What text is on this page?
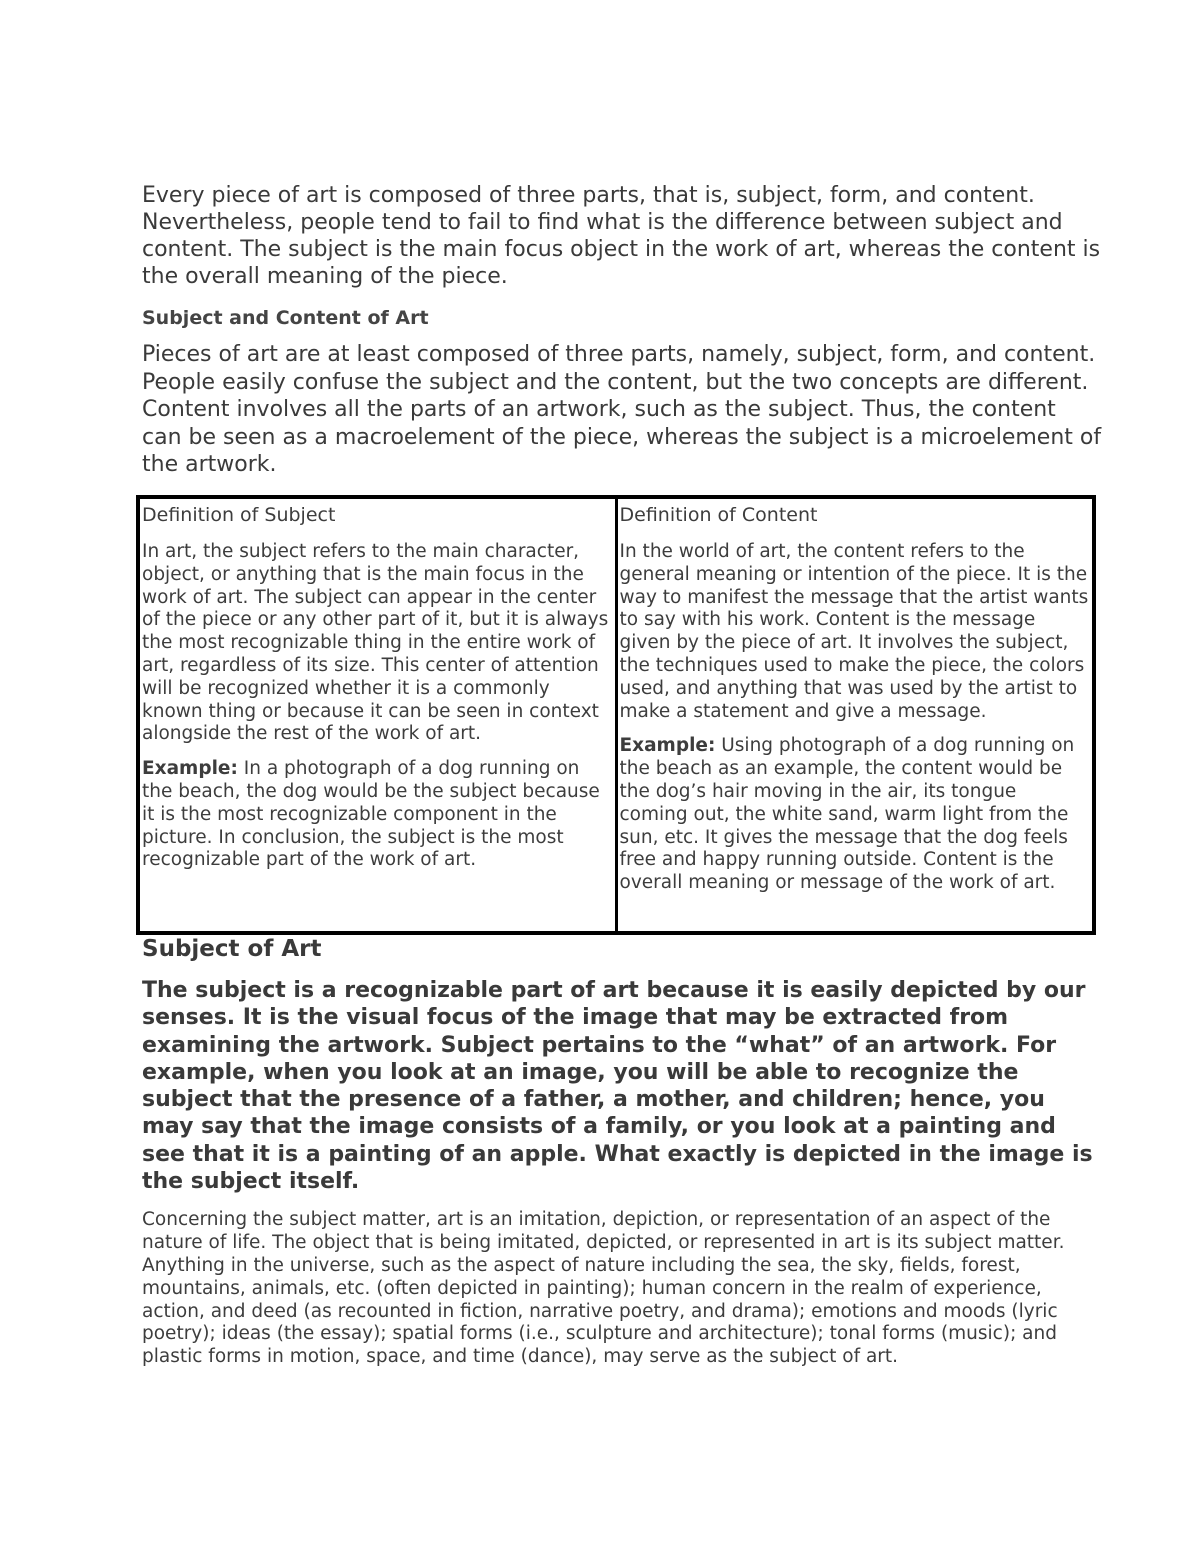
Every piece of art is composed of three parts, that is, subject, form, and content. Nevertheless, people tend to fail to find what is the difference between subject and content. The subject is the main focus object in the work of art, whereas the content is the overall meaning of the piece.

Subject and Content of Art

Pieces of art are at least composed of three parts, namely, subject, form, and content. People easily confuse the subject and the content, but the two concepts are different. Content involves all the parts of an artwork, such as the subject. Thus, the content can be seen as a macroelement of the piece, whereas the subject is a microelement of the artwork.

Definition of Subject

In art, the subject refers to the main character, object, or anything that is the main focus in the work of art. The subject can appear in the center of the piece or any other part of it, but it is always the most recognizable thing in the entire work of art, regardless of its size. This center of attention will be recognized whether it is a commonly known thing or because it can be seen in context alongside the rest of the work of art.

Example: In a photograph of a dog running on the beach, the dog would be the subject because it is the most recognizable component in the picture. In conclusion, the subject is the most recognizable part of the work of art.

Definition of Content

In the world of art, the content refers to the general meaning or intention of the piece. It is the way to manifest the message that the artist wants to say with his work. Content is the message given by the piece of art. It involves the subject, the techniques used to make the piece, the colors used, and anything that was used by the artist to make a statement and give a message.

Example: Using photograph of a dog running on the beach as an example, the content would be the dog’s hair moving in the air, its tongue coming out, the white sand, warm light from the sun, etc. It gives the message that the dog feels free and happy running outside. Content is the overall meaning or message of the work of art.

Subject of Art

The subject is a recognizable part of art because it is easily depicted by our senses. It is the visual focus of the image that may be extracted from examining the artwork. Subject pertains to the “what” of an artwork. For example, when you look at an image, you will be able to recognize the subject that the presence of a father, a mother, and children; hence, you may say that the image consists of a family, or you look at a painting and see that it is a painting of an apple. What exactly is depicted in the image is the subject itself.

Concerning the subject matter, art is an imitation, depiction, or representation of an aspect of the nature of life. The object that is being imitated, depicted, or represented in art is its subject matter. Anything in the universe, such as the aspect of nature including the sea, the sky, fields, forest, mountains, animals, etc. (often depicted in painting); human concern in the realm of experience, action, and deed (as recounted in fiction, narrative poetry, and drama); emotions and moods (lyric poetry); ideas (the essay); spatial forms (i.e., sculpture and architecture); tonal forms (music); and plastic forms in motion, space, and time (dance), may serve as the subject of art.
